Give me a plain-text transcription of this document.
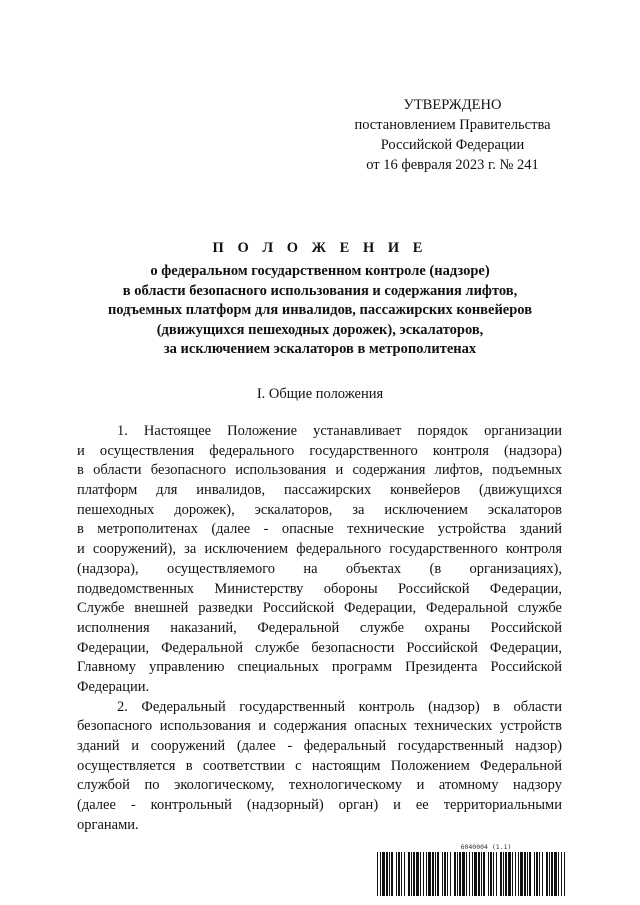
УТВЕРЖДЕНО
постановлением Правительства
Российской Федерации
от 16 февраля 2023 г. № 241
П О Л О Ж Е Н И Е
о федеральном государственном контроле (надзоре)
в области безопасного использования и содержания лифтов,
подъемных платформ для инвалидов, пассажирских конвейеров
(движущихся пешеходных дорожек), эскалаторов,
за исключением эскалаторов в метрополитенах
I. Общие положения
1. Настоящее Положение устанавливает порядок организации
и осуществления федерального государственного контроля (надзора)
в области безопасного использования и содержания лифтов, подъемных
платформ для инвалидов, пассажирских конвейеров (движущихся
пешеходных дорожек), эскалаторов, за исключением эскалаторов
в метрополитенах (далее - опасные технические устройства зданий
и сооружений), за исключением федерального государственного контроля
(надзора), осуществляемого на объектах (в организациях),
подведомственных Министерству обороны Российской Федерации,
Службе внешней разведки Российской Федерации, Федеральной службе
исполнения наказаний, Федеральной службе охраны Российской
Федерации, Федеральной службе безопасности Российской Федерации,
Главному управлению специальных программ Президента Российской
Федерации.
2. Федеральный государственный контроль (надзор) в области
безопасного использования и содержания опасных технических устройств
зданий и сооружений (далее - федеральный государственный надзор)
осуществляется в соответствии с настоящим Положением Федеральной
службой по экологическому, технологическому и атомному надзору
(далее - контрольный (надзорный) орган) и ее территориальными
органами.
6040004 (1.1)
